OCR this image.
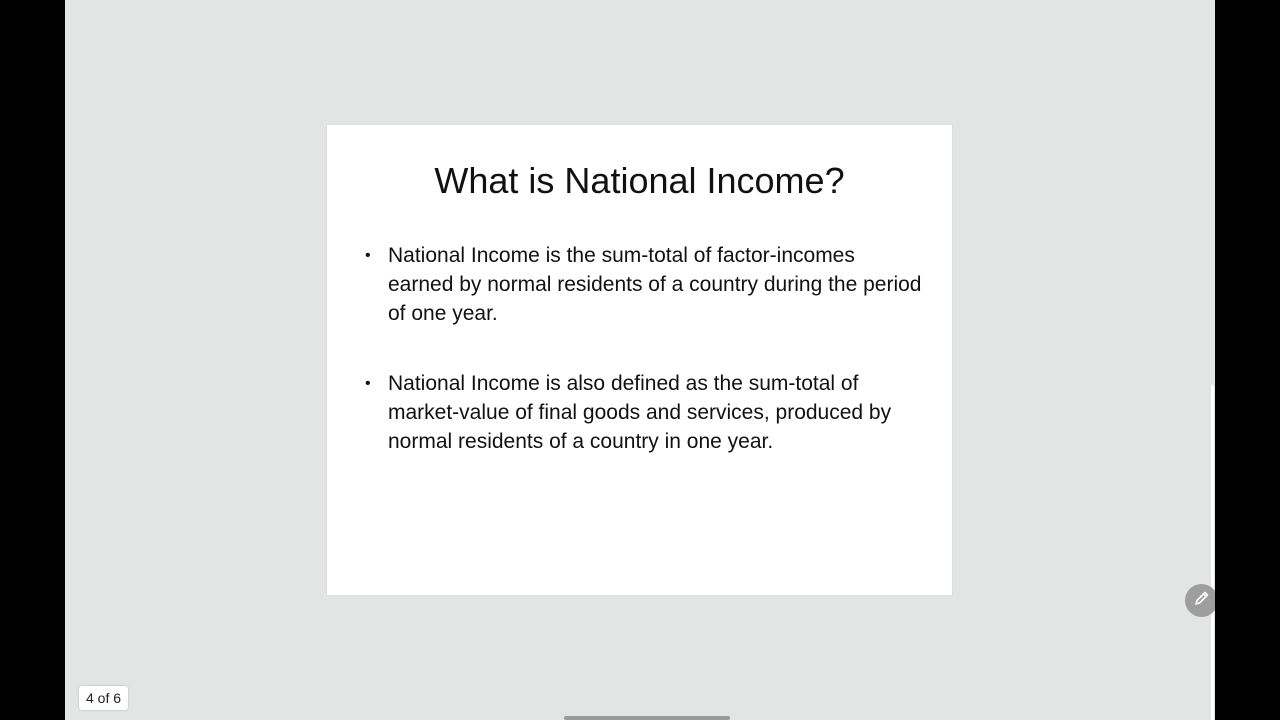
What is National Income?
• National Income is the sum-total of factor-incomes earned by normal residents of a country during the period of one year.
• National Income is also defined as the sum-total of market-value of final goods and services, produced by normal residents of a country in one year.
4 of 6
